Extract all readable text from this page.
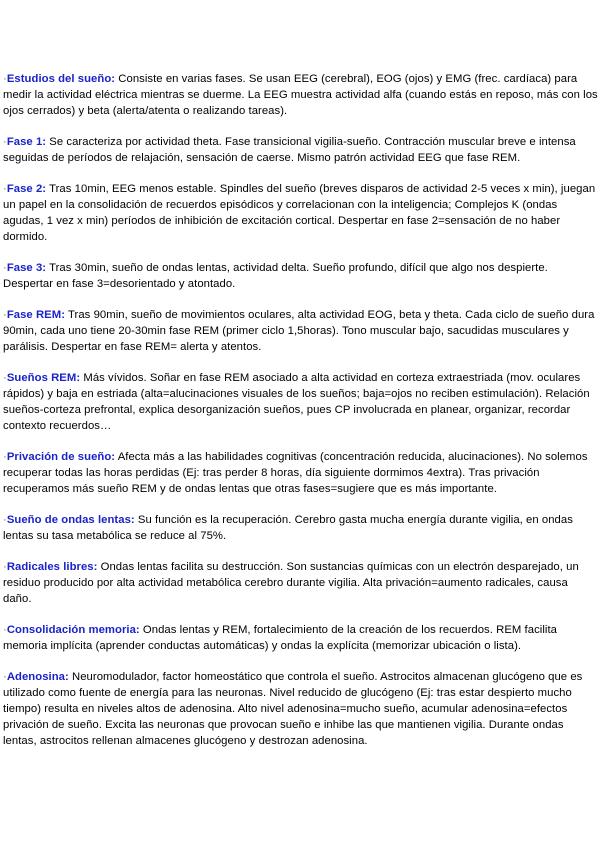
·Estudios del sueño: Consiste en varias fases. Se usan EEG (cerebral), EOG (ojos) y EMG (frec. cardíaca) para medir la actividad eléctrica mientras se duerme. La EEG muestra actividad alfa (cuando estás en reposo, más con los ojos cerrados) y beta (alerta/atenta o realizando tareas).

·Fase 1: Se caracteriza por actividad theta. Fase transicional vigilia-sueño. Contracción muscular breve e intensa seguidas de períodos de relajación, sensación de caerse. Mismo patrón actividad EEG que fase REM.

·Fase 2: Tras 10min, EEG menos estable. Spindles del sueño (breves disparos de actividad 2-5 veces x min), juegan un papel en la consolidación de recuerdos episódicos y correlacionan con la inteligencia; Complejos K (ondas agudas, 1 vez x min) períodos de inhibición de excitación cortical. Despertar en fase 2=sensación de no haber dormido.

·Fase 3: Tras 30min, sueño de ondas lentas, actividad delta. Sueño profundo, difícil que algo nos despierte. Despertar en fase 3=desorientado y atontado.

·Fase REM: Tras 90min, sueño de movimientos oculares, alta actividad EOG, beta y theta. Cada ciclo de sueño dura 90min, cada uno tiene 20-30min fase REM (primer ciclo 1,5horas). Tono muscular bajo, sacudidas musculares y parálisis. Despertar en fase REM= alerta y atentos.

·Sueños REM: Más vívidos. Soñar en fase REM asociado a alta actividad en corteza extraestriada (mov. oculares rápidos) y baja en estriada (alta=alucinaciones visuales de los sueños; baja=ojos no reciben estimulación). Relación sueños-corteza prefrontal, explica desorganización sueños, pues CP involucrada en planear, organizar, recordar contexto recuerdos…

·Privación de sueño: Afecta más a las habilidades cognitivas (concentración reducida, alucinaciones). No solemos recuperar todas las horas perdidas (Ej: tras perder 8 horas, día siguiente dormimos 4extra). Tras privación recuperamos más sueño REM y de ondas lentas que otras fases=sugiere que es más importante.

·Sueño de ondas lentas: Su función es la recuperación. Cerebro gasta mucha energía durante vigilia, en ondas lentas su tasa metabólica se reduce al 75%.

·Radicales libres: Ondas lentas facilita su destrucción. Son sustancias químicas con un electrón desparejado, un residuo producido por alta actividad metabólica cerebro durante vigilia. Alta privación=aumento radicales, causa daño.

·Consolidación memoria: Ondas lentas y REM, fortalecimiento de la creación de los recuerdos. REM facilita memoria implícita (aprender conductas automáticas) y ondas la explícita (memorizar ubicación o lista).

·Adenosina: Neuromodulador, factor homeostático que controla el sueño. Astrocitos almacenan glucógeno que es utilizado como fuente de energía para las neuronas. Nivel reducido de glucógeno (Ej: tras estar despierto mucho tiempo) resulta en niveles altos de adenosina. Alto nivel adenosina=mucho sueño, acumular adenosina=efectos privación de sueño. Excita las neuronas que provocan sueño e inhibe las que mantienen vigilia. Durante ondas lentas, astrocitos rellenan almacenes glucógeno y destrozan adenosina.
